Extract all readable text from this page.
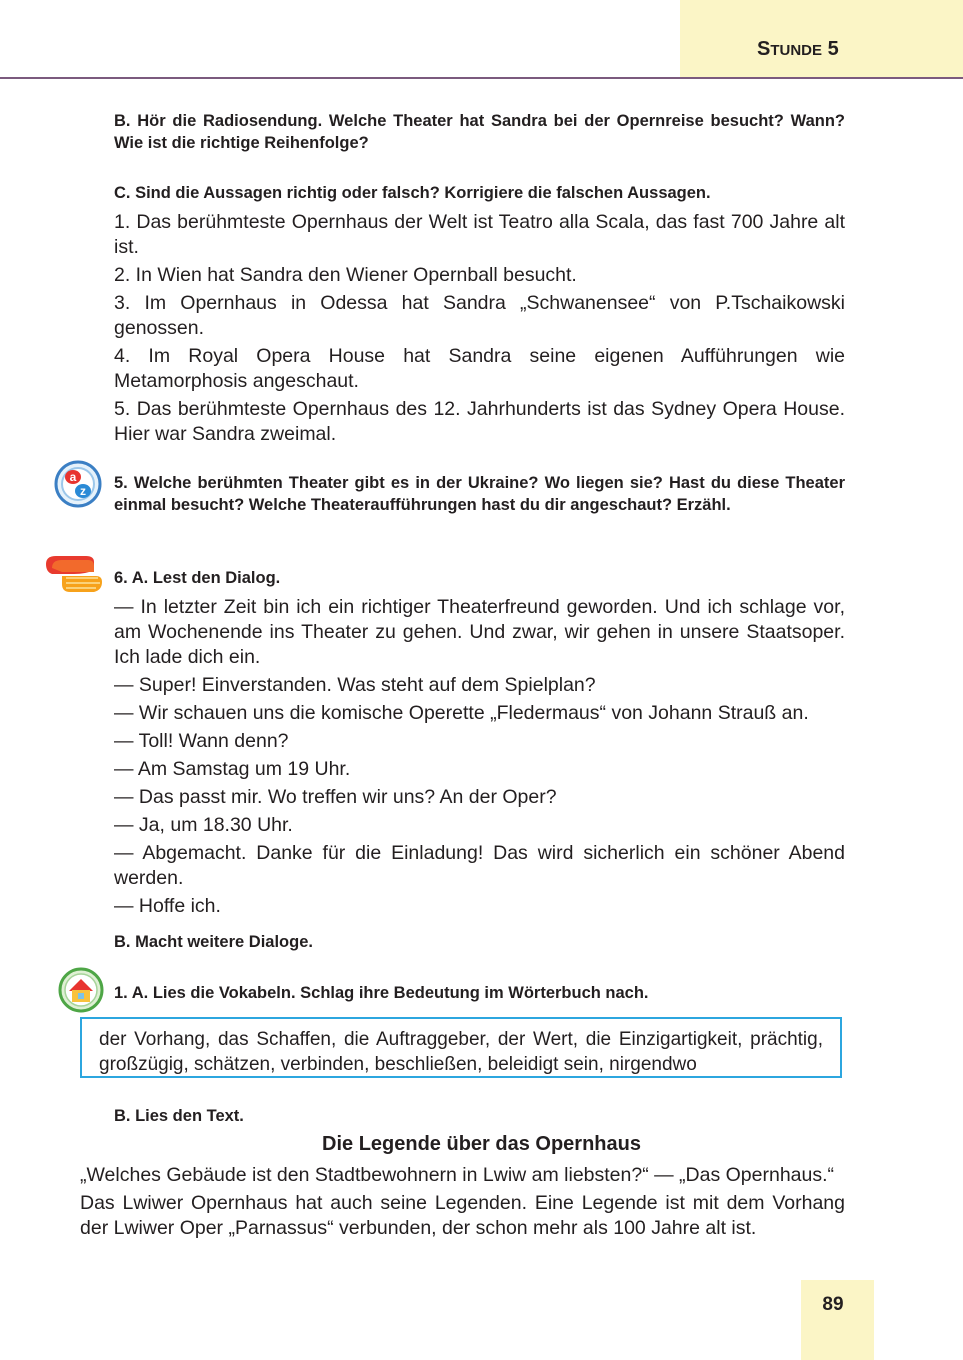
STUNDE 5

B. Hör die Radiosendung. Welche Theater hat Sandra bei der Opernreise besucht? Wann? Wie ist die richtige Reihenfolge?

C. Sind die Aussagen richtig oder falsch? Korrigiere die falschen Aussagen.

1. Das berühmteste Opernhaus der Welt ist Teatro alla Scala, das fast 700 Jahre alt ist.

2. In Wien hat Sandra den Wiener Opernball besucht.

3. Im Opernhaus in Odessa hat Sandra „Schwanensee“ von P.Tschaikowski genossen.

4. Im Royal Opera House hat Sandra seine eigenen Aufführungen wie Metamorphosis angeschaut.

5. Das berühmteste Opernhaus des 12. Jahrhunderts ist das Sydney Opera House. Hier war Sandra zweimal.

a
z 5. Welche berühmten Theater gibt es in der Ukraine? Wo liegen sie? Hast du diese Theater einmal besucht? Welche Theateraufführungen hast du dir angeschaut? Erzähl.

6. A. Lest den Dialog.

— In letzter Zeit bin ich ein richtiger Theaterfreund geworden. Und ich schlage vor, am Wochenende ins Theater zu gehen. Und zwar, wir gehen in unsere Staatsoper. Ich lade dich ein.

— Super! Einverstanden. Was steht auf dem Spielplan?

— Wir schauen uns die komische Operette „Fledermaus“ von Johann Strauß an.

— Toll! Wann denn?

— Am Samstag um 19 Uhr.

— Das passt mir. Wo treffen wir uns? An der Oper?

— Ja, um 18.30 Uhr.

— Abgemacht. Danke für die Einladung! Das wird sicherlich ein schöner Abend werden.

— Hoffe ich.

B. Macht weitere Dialoge.

1. A. Lies die Vokabeln. Schlag ihre Bedeutung im Wörterbuch nach.

der Vorhang, das Schaffen, die Auftraggeber, der Wert, die Einzigartigkeit, prächtig, großzügig, schätzen, verbinden, beschließen, beleidigt sein, nirgendwo

B. Lies den Text.

Die Legende über das Opernhaus

„Welches Gebäude ist den Stadtbewohnern in Lwiw am liebsten?“ — „Das Opernhaus.“

Das Lwiwer Opernhaus hat auch seine Legenden. Eine Legende ist mit dem Vorhang der Lwiwer Oper „Parnassus“ verbunden, der schon mehr als 100 Jahre alt ist.

89
